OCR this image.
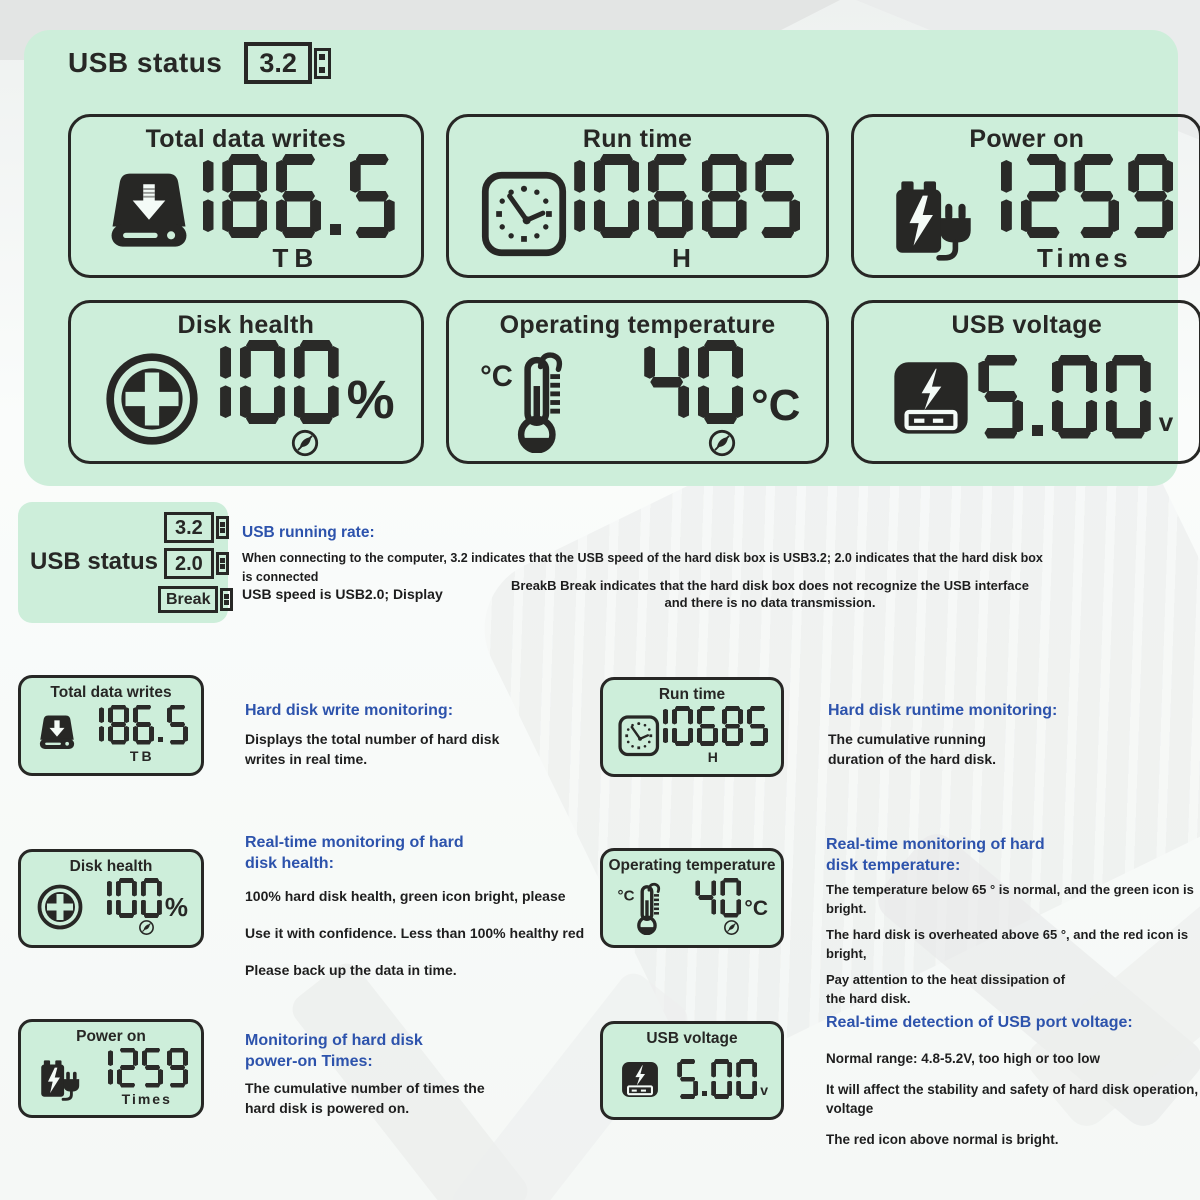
USB status	3.2
Total data writes
TB
Run time
H
Power on
Times
Disk health
%
Operating temperature
°C
°C
USB voltage
v
USB status
3.2
2.0
Break
USB running rate:
When connecting to the computer, 3.2 indicates that the USB speed of the hard disk box is USB3.2; 2.0 indicates that the hard disk box
is connected
USB speed is USB2.0; Display
BreakB Break indicates that the hard disk box does not recognize the USB interface
and there is no data transmission.
Total data writes
TB
Hard disk write monitoring:

Displays the total number of hard disk writes in real time.

Run time
H
Hard disk runtime monitoring:

The cumulative running duration of the hard disk.

Disk health
%
Real-time monitoring of hard disk health:

100% hard disk health, green icon bright, please

Use it with confidence. Less than 100% healthy red

Please back up the data in time.

Operating temperature
°C
°C
Real-time monitoring of hard disk temperature:

The temperature below 65 ° is normal, and the green icon is bright.

The hard disk is overheated above 65 °, and the red icon is bright,

Pay attention to the heat dissipation of the hard disk.

Power on
Times
Monitoring of hard disk power-on Times:

The cumulative number of times the hard disk is powered on.

USB voltage
v
Real-time detection of USB port voltage:

Normal range: 4.8-5.2V, too high or too low

It will affect the stability and safety of hard disk operation, voltage

The red icon above normal is bright.
